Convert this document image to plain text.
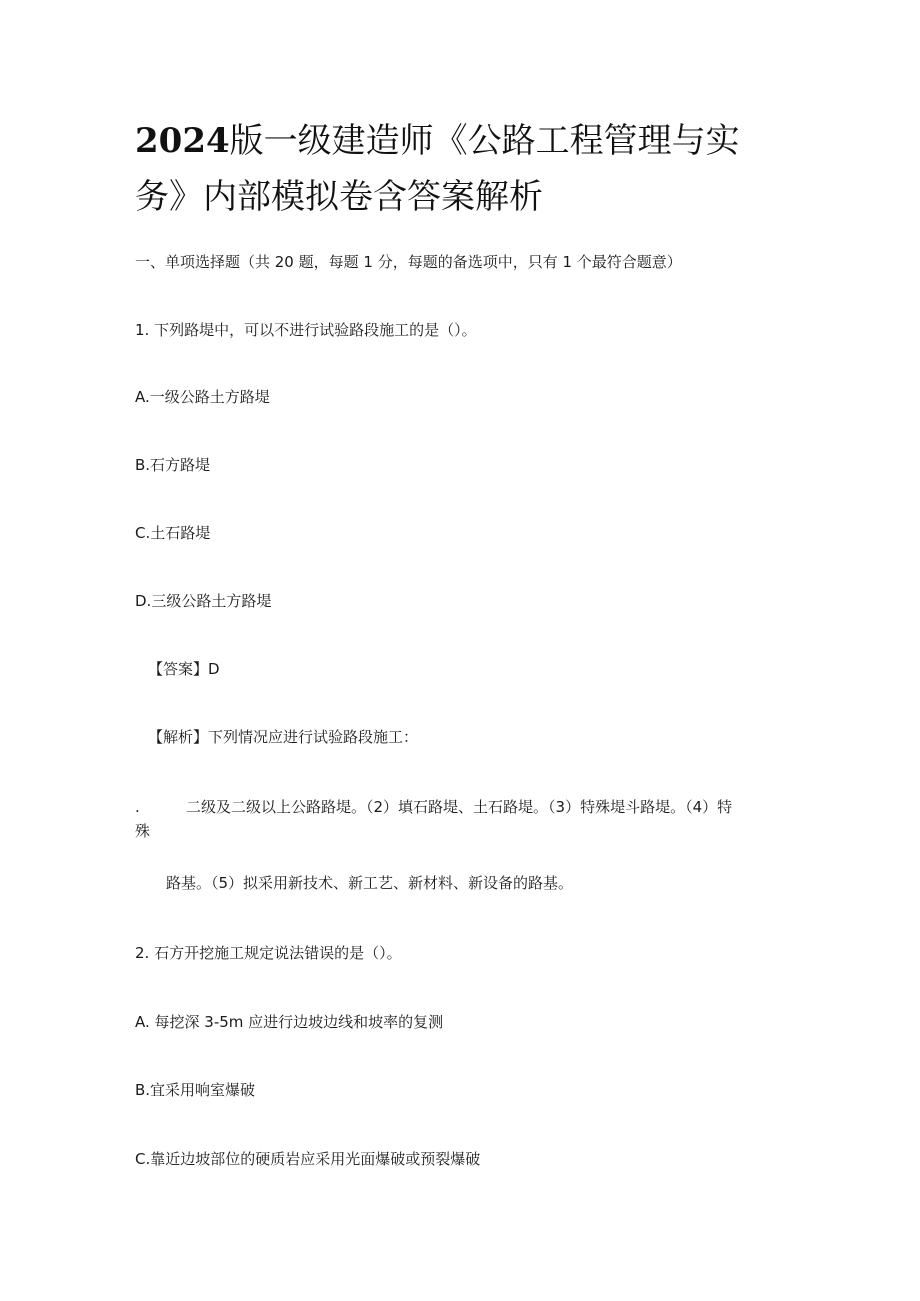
2024版一级建造师《公路工程管理与实
务》内部模拟卷含答案解析
一、单项选择题（共 20 题，每题 1 分，每题的备选项中，只有 1 个最符合题意）
1. 下列路堤中，可以不进行试验路段施工的是（）。
A.一级公路土方路堤
B.石方路堤
C.土石路堤
D.三级公路土方路堤
【答案】D
【解析】下列情况应进行试验路段施工：
.	二级及二级以上公路路堤。（2）填石路堤、土石路堤。（3）特殊堤斗路堤。（4）特
殊
路基。（5）拟采用新技术、新工艺、新材料、新设备的路基。
2. 石方开挖施工规定说法错误的是（）。
A. 每挖深 3-5m 应进行边坡边线和坡率的复测
B.宜采用响室爆破
C.靠近边坡部位的硬质岩应采用光面爆破或预裂爆破
